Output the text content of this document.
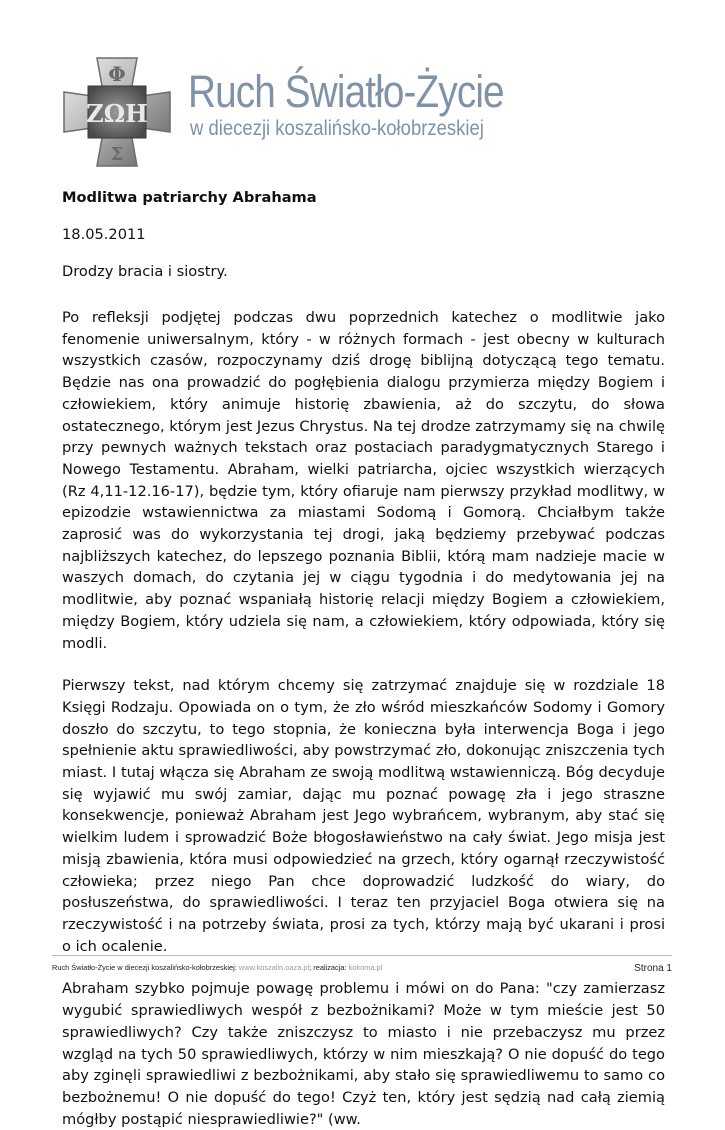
Φ
ΖΩΗ
Σ
Ruch Światło-Życie
w diecezji koszalińsko-kołobrzeskiej
Modlitwa patriarchy Abrahama
18.05.2011
Drodzy bracia i siostry.

Po refleksji podjętej podczas dwu poprzednich katechez o modlitwie jako fenomenie uniwersalnym, który - w różnych formach - jest obecny w kulturach wszystkich czasów, rozpoczynamy dziś drogę biblijną dotyczącą tego tematu. Będzie nas ona prowadzić do pogłębienia dialogu przymierza między Bogiem i człowiekiem, który animuje historię zbawienia, aż do szczytu, do słowa ostatecznego, którym jest Jezus Chrystus. Na tej drodze zatrzymamy się na chwilę przy pewnych ważnych tekstach oraz postaciach paradygmatycznych Starego i Nowego Testamentu. Abraham, wielki patriarcha, ojciec wszystkich wierzących (Rz 4,11-12.16-17), będzie tym, który ofiaruje nam pierwszy przykład modlitwy, w epizodzie wstawiennictwa za miastami Sodomą i Gomorą. Chciałbym także zaprosić was do wykorzystania tej drogi, jaką będziemy przebywać podczas najbliższych katechez, do lepszego poznania Biblii, którą mam nadzieje macie w waszych domach, do czytania jej w ciągu tygodnia i do medytowania jej na modlitwie, aby poznać wspaniałą historię relacji między Bogiem a człowiekiem, między Bogiem, który udziela się nam, a człowiekiem, który odpowiada, który się modli.

Pierwszy tekst, nad którym chcemy się zatrzymać znajduje się w rozdziale 18 Księgi Rodzaju. Opowiada on o tym, że zło wśród mieszkańców Sodomy i Gomory doszło do szczytu, to tego stopnia, że konieczna była interwencja Boga i jego spełnienie aktu sprawiedliwości, aby powstrzymać zło, dokonując zniszczenia tych miast. I tutaj włącza się Abraham ze swoją modlitwą wstawienniczą. Bóg decyduje się wyjawić mu swój zamiar, dając mu poznać powagę zła i jego straszne konsekwencje, ponieważ Abraham jest Jego wybrańcem, wybranym, aby stać się wielkim ludem i sprowadzić Boże błogosławieństwo na cały świat. Jego misja jest misją zbawienia, która musi odpowiedzieć na grzech, który ogarnął rzeczywistość człowieka; przez niego Pan chce doprowadzić ludzkość do wiary, do posłuszeństwa, do sprawiedliwości. I teraz ten przyjaciel Boga otwiera się na rzeczywistość i na potrzeby świata, prosi za tych, którzy mają być ukarani i prosi o ich ocalenie.

Abraham szybko pojmuje powagę problemu i mówi on do Pana: "czy zamierzasz wygubić sprawiedliwych wespół z bezbożnikami? Może w tym mieście jest 50 sprawiedliwych? Czy także zniszczysz to miasto i nie przebaczysz mu przez wzgląd na tych 50 sprawiedliwych, którzy w nim mieszkają? O nie dopuść do tego aby zginęli sprawiedliwi z bezbożnikami, aby stało się sprawiedliwemu to samo co bezbożnemu! O nie dopuść do tego! Czyż ten, który jest sędzią nad całą ziemią mógłby postąpić niesprawiedliwie?" (ww.

Ruch Światło-Życie w diecezji koszalińsko-kołobrzeskiej: www.koszalin.oaza.pl; realizacja: kokoma.pl	Strona 1
